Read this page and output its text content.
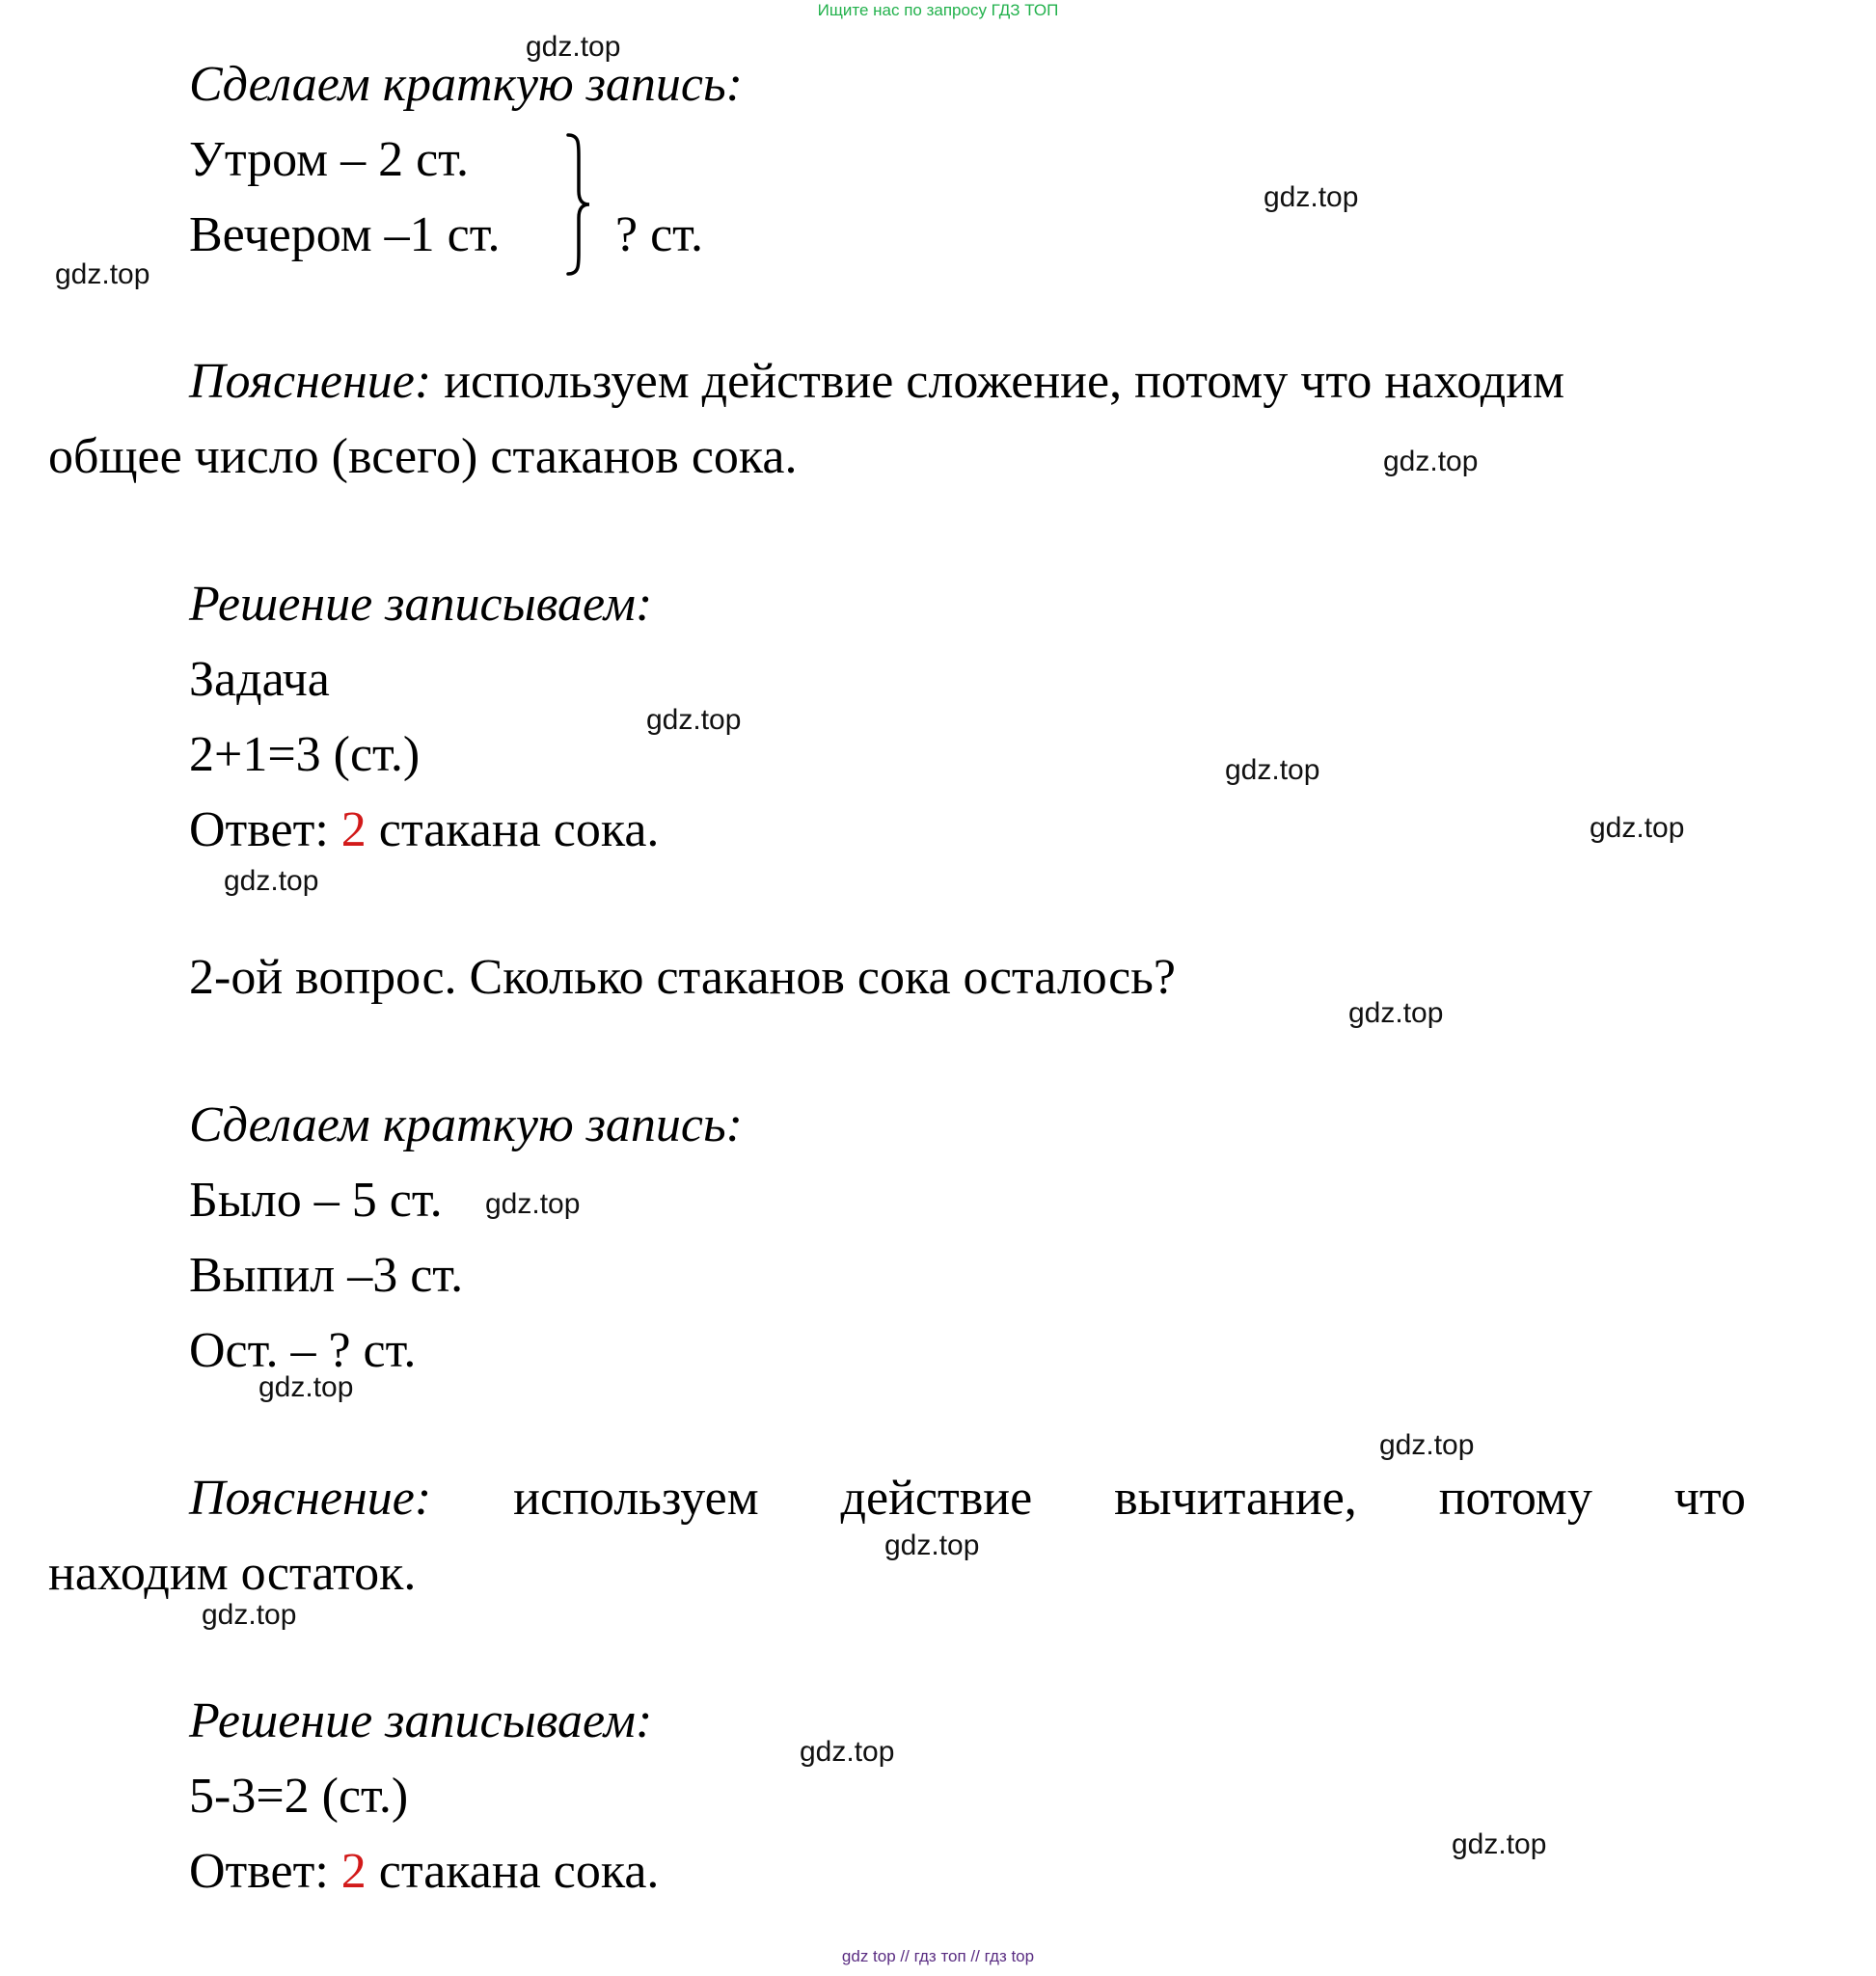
Ищите нас по запросу ГДЗ ТОП
gdz top // гдз топ // гдз top
gdz.top
gdz.top
gdz.top
gdz.top
gdz.top
gdz.top
gdz.top
gdz.top
gdz.top
gdz.top
gdz.top
gdz.top
gdz.top
gdz.top
gdz.top
gdz.top
Сделаем краткую запись:
Утром – 2 ст.
Вечером –1 ст. ? ст.
Пояснение: используем действие сложение, потому что находим
общее число (всего) стаканов сока.
Решение записываем:
Задача
2+1=3 (ст.)
Ответ: 2 стакана сока.
2-ой вопрос. Сколько стаканов сока осталось?
Сделаем краткую запись:
Было – 5 ст.
Выпил –3 ст.
Ост. – ? ст.
Пояснение: используем действие вычитание, потому что
находим остаток.
Решение записываем:
5-3=2 (ст.)
Ответ: 2 стакана сока.
